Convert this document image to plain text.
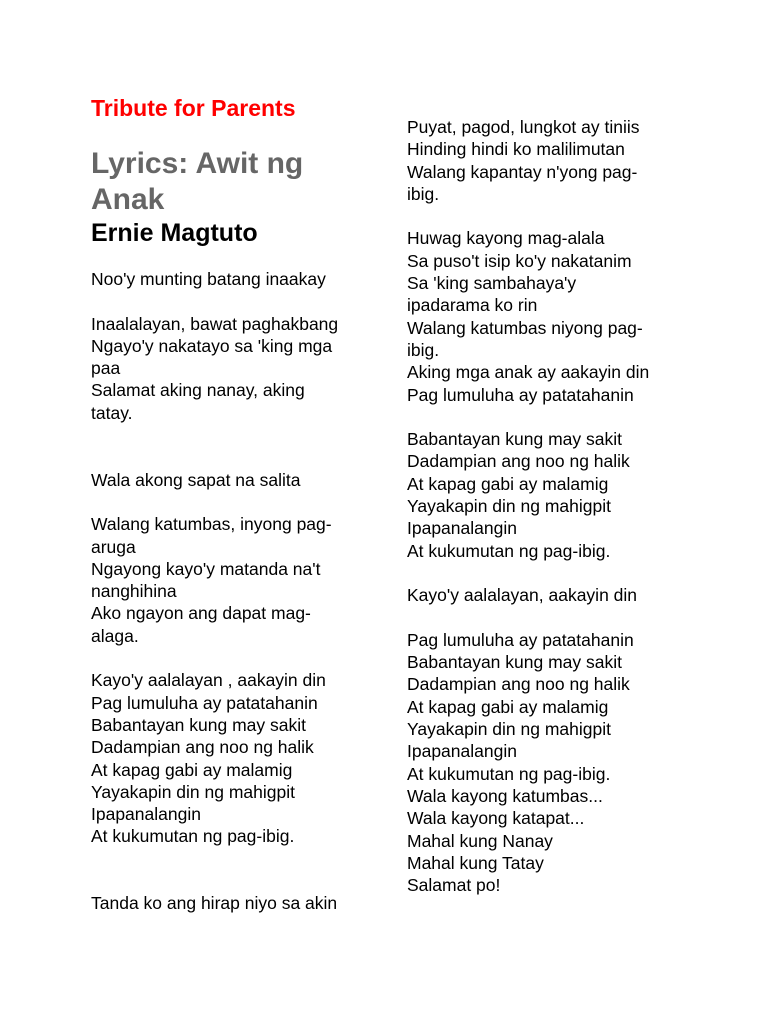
Tribute for Parents
Lyrics: Awit ng Anak
Ernie Magtuto
Noo'y munting batang inaakay
Inaalalayan, bawat paghakbang
Ngayo'y nakatayo sa 'king mga
paa
Salamat aking nanay, aking
tatay.
Wala akong sapat na salita
Walang katumbas, inyong pag-
aruga
Ngayong kayo'y matanda na't
nanghihina
Ako ngayon ang dapat mag-
alaga.
Kayo'y aalalayan , aakayin din
Pag lumuluha ay patatahanin
Babantayan kung may sakit
Dadampian ang noo ng halik
At kapag gabi ay malamig
Yayakapin din ng mahigpit
Ipapanalangin
At kukumutan ng pag-ibig.
Tanda ko ang hirap niyo sa akin
Puyat, pagod, lungkot ay tiniis
Hinding hindi ko malilimutan
Walang kapantay n'yong pag-
ibig.
Huwag kayong mag-alala
Sa puso't isip ko'y nakatanim
Sa 'king sambahaya'y
ipadarama ko rin
Walang katumbas niyong pag-
ibig.
Aking mga anak ay aakayin din
Pag lumuluha ay patatahanin
Babantayan kung may sakit
Dadampian ang noo ng halik
At kapag gabi ay malamig
Yayakapin din ng mahigpit
Ipapanalangin
At kukumutan ng pag-ibig.
Kayo'y aalalayan, aakayin din
Pag lumuluha ay patatahanin
Babantayan kung may sakit
Dadampian ang noo ng halik
At kapag gabi ay malamig
Yayakapin din ng mahigpit
Ipapanalangin
At kukumutan ng pag-ibig.
Wala kayong katumbas...
Wala kayong katapat...
Mahal kung Nanay
Mahal kung Tatay
Salamat po!
